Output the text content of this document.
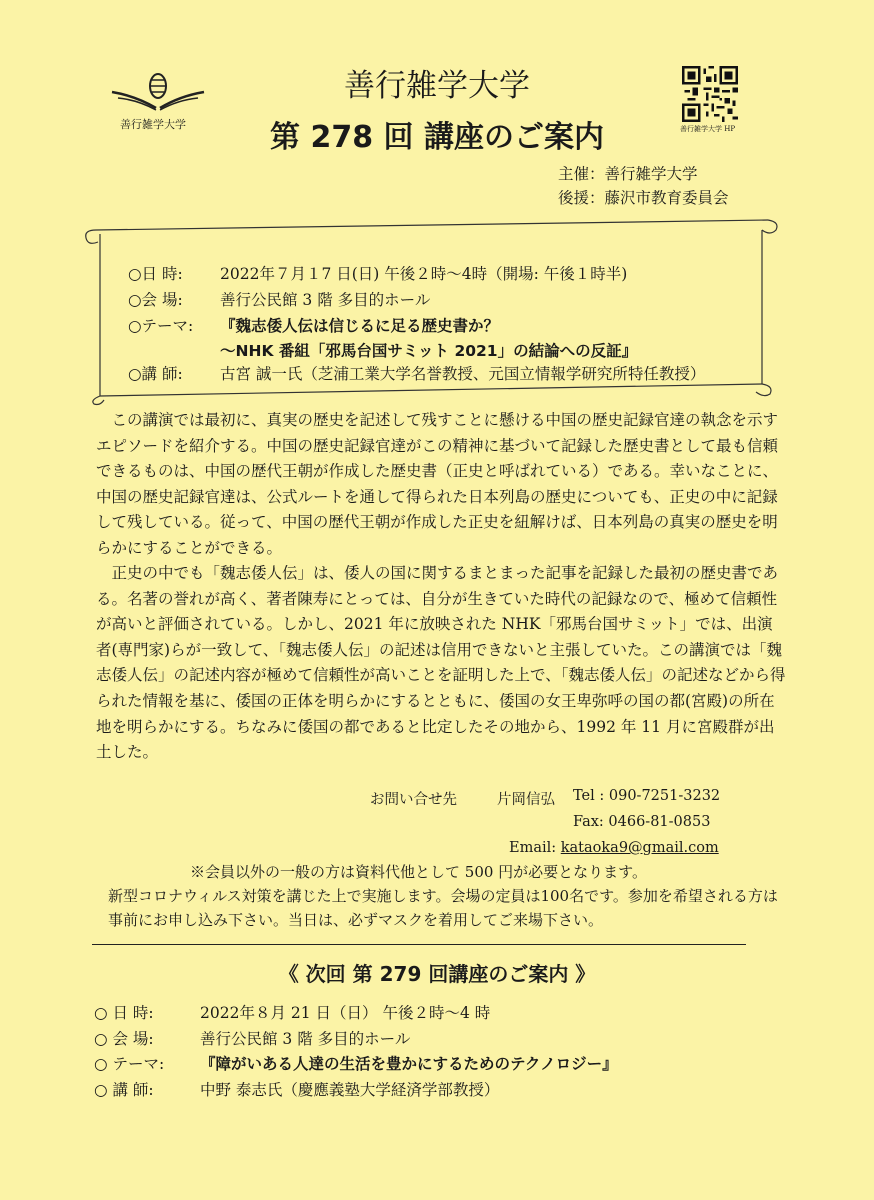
善行雑学大学
善行雑学大学
第 278 回 講座のご案内	善行雑学大学 HP
主催：善行雑学大学
後援：藤沢市教育委員会
○日 時: 2022年７月１7 日(日) 午後２時～4時（開場: 午後１時半)
○会 場: 善行公民館 3 階 多目的ホール
○テーマ: 『魏志倭人伝は信じるに足る歴史書か？
～NHK 番組「邪馬台国サミット 2021」の結論への反証』
○講 師: 古宮 誠一氏（芝浦工業大学名誉教授、元国立情報学研究所特任教授）

この講演では最初に、真実の歴史を記述して残すことに懸ける中国の歴史記録官達の執念を示すエピソードを紹介する。中国の歴史記録官達がこの精神に基づいて記録した歴史書として最も信頼できるものは、中国の歴代王朝が作成した歴史書（正史と呼ばれている）である。幸いなことに、中国の歴史記録官達は、公式ルートを通して得られた日本列島の歴史についても、正史の中に記録して残している。従って、中国の歴代王朝が作成した正史を紐解けば、日本列島の真実の歴史を明らかにすることができる。

正史の中でも「魏志倭人伝」は、倭人の国に関するまとまった記事を記録した最初の歴史書である。名著の誉れが高く、著者陳寿にとっては、自分が生きていた時代の記録なので、極めて信頼性が高いと評価されている。しかし、2021 年に放映された NHK「邪馬台国サミット」では、出演者(専門家)らが一致して、「魏志倭人伝」の記述は信用できないと主張していた。この講演では「魏志倭人伝」の記述内容が極めて信頼性が高いことを証明した上で、「魏志倭人伝」の記述などから得られた情報を基に、倭国の正体を明らかにするとともに、倭国の女王卑弥呼の国の都(宮殿)の所在地を明らかにする。ちなみに倭国の都であると比定したその地から、1992 年 11 月に宮殿群が出土した。

お問い合せ先	片岡信弘 Tel : 090-7251-3232
Fax: 0466-81-0853
Email: kataoka9@gmail.com
※会員以外の一般の方は資料代他として 500 円が必要となります。

新型コロナウィルス対策を講じた上で実施します。会場の定員は100名です。参加を希望される方は事前にお申し込み下さい。当日は、必ずマスクを着用してご来場下さい。

《 次回 第 279 回講座のご案内 》
○ 日 時:	2022年８月 21 日（日） 午後２時～4 時
○ 会 場:	善行公民館 3 階 多目的ホール
○ テーマ: 『障がいある人達の生活を豊かにするためのテクノロジー』
○ 講 師:	中野 泰志氏（慶應義塾大学経済学部教授）
